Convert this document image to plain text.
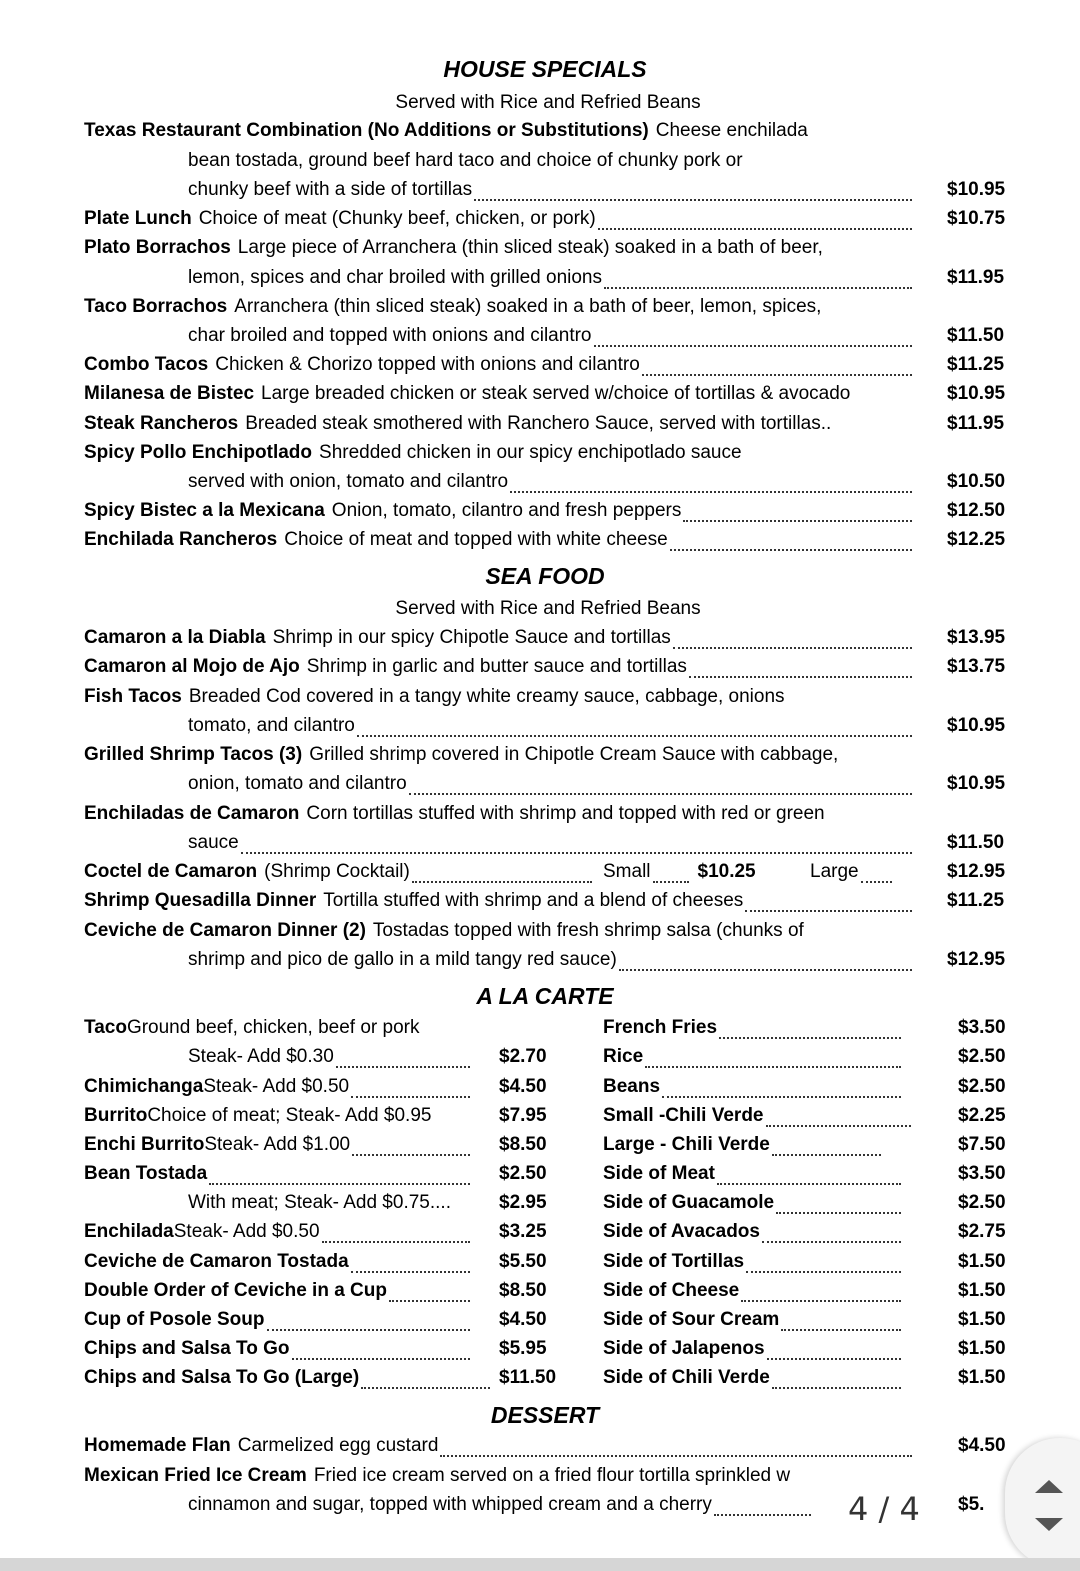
HOUSE SPECIALS
Served with Rice and Refried Beans
Texas Restaurant Combination (No Additions or Substitutions) Cheese enchilada
bean tostada, ground beef hard taco and choice of chunky pork or
chunky beef with a side of tortillas	$10.95
Plate Lunch Choice of meat (Chunky beef, chicken, or pork)	$10.75
Plato Borrachos Large piece of Arranchera (thin sliced steak) soaked in a bath of beer,
lemon, spices and char broiled with grilled onions	$11.95
Taco Borrachos Arranchera (thin sliced steak) soaked in a bath of beer, lemon, spices,
char broiled and topped with onions and cilantro	$11.50
Combo Tacos Chicken & Chorizo topped with onions and cilantro	$11.25
Milanesa de Bistec Large breaded chicken or steak served w/choice of tortillas & avocado	$10.95
Steak Rancheros Breaded steak smothered with Ranchero Sauce, served with tortillas..	$11.95
Spicy Pollo Enchipotlado Shredded chicken in our spicy enchipotlado sauce
served with onion, tomato and cilantro	$10.50
Spicy Bistec a la Mexicana Onion, tomato, cilantro and fresh peppers	$12.50
Enchilada Rancheros Choice of meat and topped with white cheese	$12.25
SEA FOOD
Served with Rice and Refried Beans
Camaron a la Diabla Shrimp in our spicy Chipotle Sauce and tortillas	$13.95
Camaron al Mojo de Ajo Shrimp in garlic and butter sauce and tortillas	$13.75
Fish Tacos Breaded Cod covered in a tangy white creamy sauce, cabbage, onions
tomato, and cilantro	$10.95
Grilled Shrimp Tacos (3) Grilled shrimp covered in Chipotle Cream Sauce with cabbage,
onion, tomato and cilantro	$10.95
Enchiladas de Camaron Corn tortillas stuffed with shrimp and topped with red or green
sauce	$11.50
Coctel de Camaron (Shrimp Cocktail)	Small $10.25	Large	$12.95
Shrimp Quesadilla Dinner Tortilla stuffed with shrimp and a blend of cheeses	$11.25
Ceviche de Camaron Dinner (2) Tostadas topped with fresh shrimp salsa (chunks of
shrimp and pico de gallo in a mild tangy red sauce)	$12.95
A LA CARTE
Taco Ground beef, chicken, beef or pork
Steak- Add $0.30	$2.70
Chimichanga Steak- Add $0.50	$4.50
Burrito Choice of meat; Steak- Add $0.95	$7.95
Enchi Burrito Steak- Add $1.00	$8.50
Bean Tostada	$2.50
With meat; Steak- Add $0.75....	$2.95
Enchilada Steak- Add $0.50	$3.25
Ceviche de Camaron Tostada	$5.50
Double Order of Ceviche in a Cup	$8.50
Cup of Posole Soup	$4.50
Chips and Salsa To Go	$5.95
Chips and Salsa To Go (Large)	$11.50
French Fries	$3.50
Rice	$2.50
Beans	$2.50
Small -Chili Verde	$2.25
Large - Chili Verde	$7.50
Side of Meat	$3.50
Side of Guacamole	$2.50
Side of Avacados	$2.75
Side of Tortillas	$1.50
Side of Cheese	$1.50
Side of Sour Cream	$1.50
Side of Jalapenos	$1.50
Side of Chili Verde	$1.50
DESSERT
Homemade Flan Carmelized egg custard	$4.50
Mexican Fried Ice Cream Fried ice cream served on a fried flour tortilla sprinkled w
cinnamon and sugar, topped with whipped cream and a cherry	$5.
4 / 4
